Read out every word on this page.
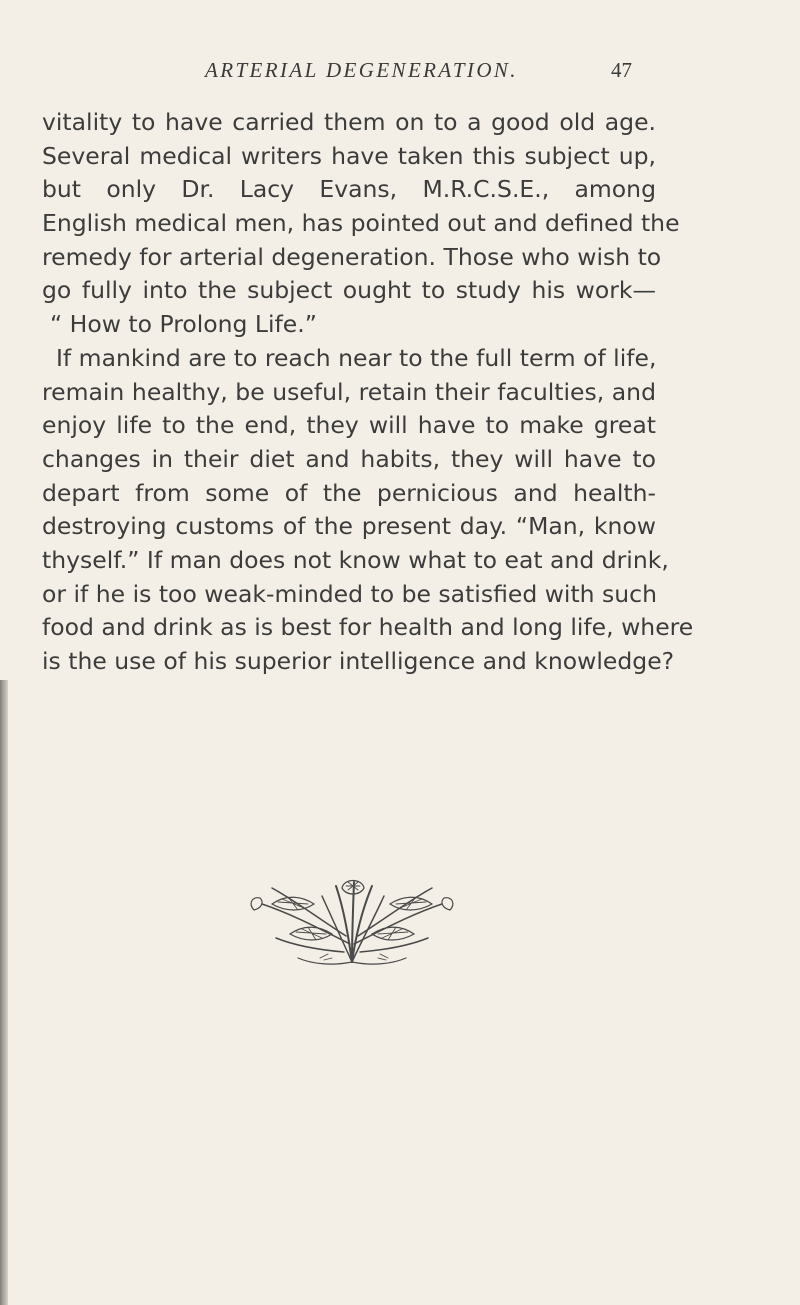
ARTERIAL DEGENERATION.	47
vitality to have carried them on to a good old age.
Several medical writers have taken this subject up,
but only Dr. Lacy Evans, M.R.C.S.E., among
English medical men, has pointed out and defined the
remedy for arterial degeneration. Those who wish to
go fully into the subject ought to study his work—
“ How to Prolong Life.”
If mankind are to reach near to the full term of life,
remain healthy, be useful, retain their faculties, and
enjoy life to the end, they will have to make great
changes in their diet and habits, they will have to
depart from some of the pernicious and health-
destroying customs of the present day. “Man, know
thyself.” If man does not know what to eat and drink,
or if he is too weak-minded to be satisfied with such
food and drink as is best for health and long life, where
is the use of his superior intelligence and knowledge?
